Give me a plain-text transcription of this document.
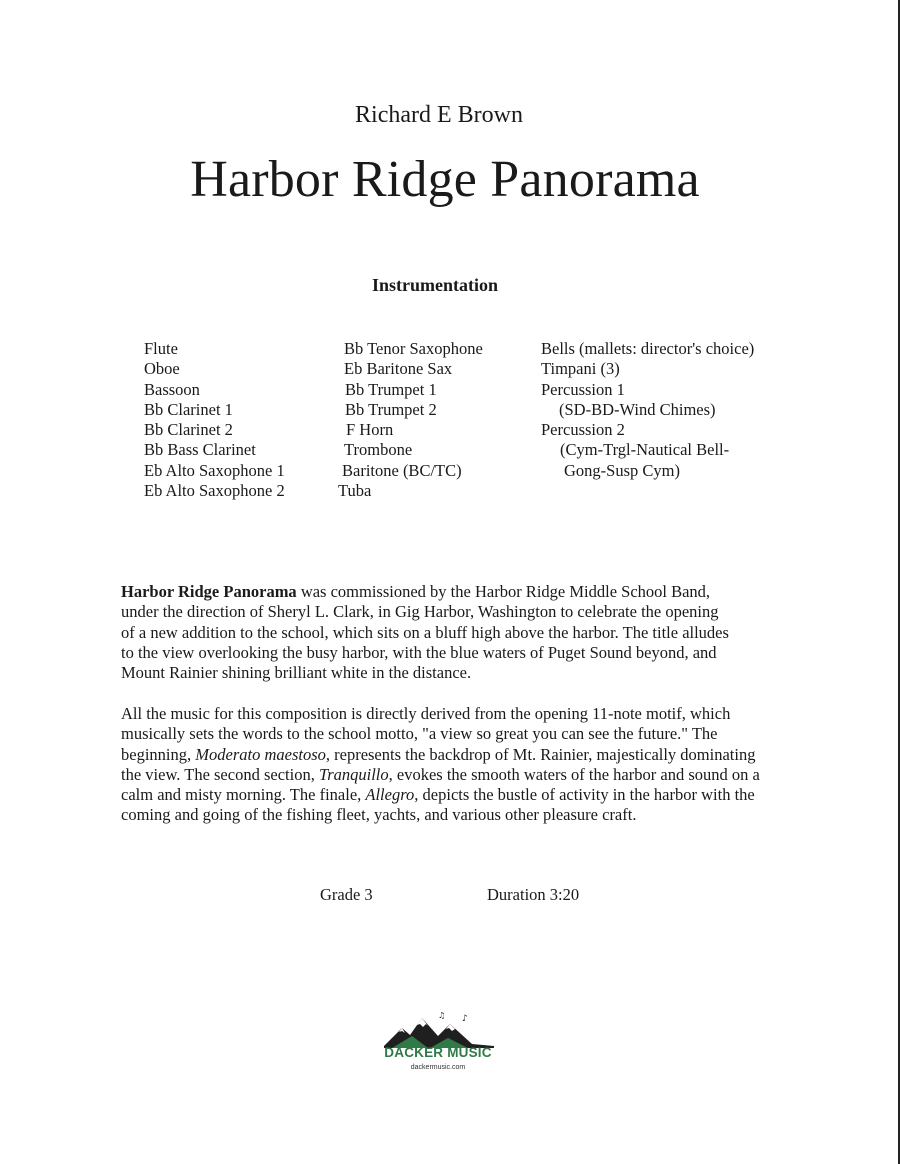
Richard E Brown
Harbor Ridge Panorama
Instrumentation
Flute
Oboe
Bassoon
Bb Clarinet 1
Bb Clarinet 2
Bb Bass Clarinet
Eb Alto Saxophone 1
Eb Alto Saxophone 2
Bb Tenor Saxophone
Eb Baritone Sax
Bb Trumpet 1
Bb Trumpet 2
F Horn
Trombone
Baritone (BC/TC)
Tuba
Bells (mallets: director's choice)
Timpani (3)
Percussion 1
(SD-BD-Wind Chimes)
Percussion 2
(Cym-Trgl-Nautical Bell-
Gong-Susp Cym)
Harbor Ridge Panorama was commissioned by the Harbor Ridge Middle School Band,
under the direction of Sheryl L. Clark, in Gig Harbor, Washington to celebrate the opening
of a new addition to the school, which sits on a bluff high above the harbor. The title alludes
to the view overlooking the busy harbor, with the blue waters of Puget Sound beyond, and
Mount Rainier shining brilliant white in the distance.
All the music for this composition is directly derived from the opening 11-note motif, which
musically sets the words to the school motto, "a view so great you can see the future." The
beginning, Moderato maestoso, represents the backdrop of Mt. Rainier, majestically dominating
the view. The second section, Tranquillo, evokes the smooth waters of the harbor and sound on a
calm and misty morning. The finale, Allegro, depicts the bustle of activity in the harbor with the
coming and going of the fishing fleet, yachts, and various other pleasure craft.
Grade 3	Duration 3:20
♪
♫
DACKER MUSIC
dackermusic.com
